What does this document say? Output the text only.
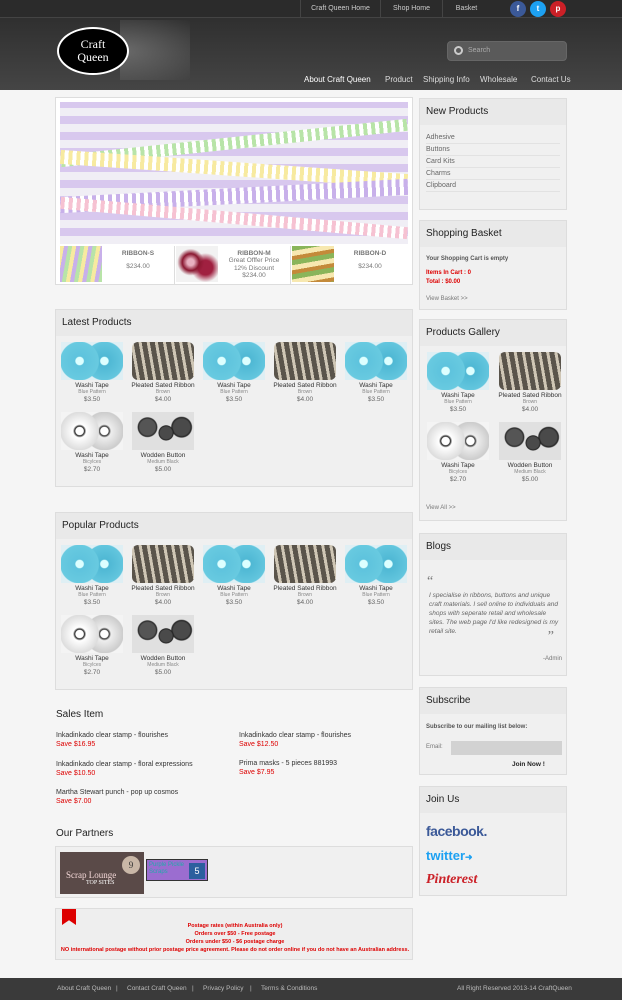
Craft Queen Home	Shop Home	Basket	f	t	p
Craft
Queen	Search
About Craft Queen Product Shipping Info Wholesale Contact Us
RIBBON-S
$234.00
RIBBON-M
Great Offfer Price
12% Discount
$234.00
RIBBON-D
$234.00
Latest Products
Washi Tape
Blue Pattern
$3.50
Pleated Sated Ribbon
Brown
$4.00
Washi Tape
Blue Pattern
$3.50
Pleated Sated Ribbon
Brown
$4.00
Washi Tape
Blue Pattern
$3.50
Washi Tape
Bicylces
$2.70
Wodden Button
Medium Black
$5.00
Popular Products
Washi Tape
Blue Pattern
$3.50
Pleated Sated Ribbon
Brown
$4.00
Washi Tape
Blue Pattern
$3.50
Pleated Sated Ribbon
Brown
$4.00
Washi Tape
Blue Pattern
$3.50
Washi Tape
Bicylces
$2.70
Wodden Button
Medium Black
$5.00
Sales Item
Inkadinkado clear stamp - flourishes
Save $16.95
Inkadinkado clear stamp - flourishes
Save $12.50
Inkadinkado clear stamp - floral expressions
Save $10.50
Prima masks - 5 pieces 881993
Save $7.95
Martha Stewart punch - pop up cosmos
Save $7.00
Our Partners
Scrap Lounge
TOP SITES
9	Purple Pickle Scraps	5
Postage rates (within Australia only)
Orders over $50 - Free postage
Orders under $50 - $6 postage charge
NO international postage without prior postage price agreement. Please do not order online if you do not have an Australian address.
New Products
Adhesive
Buttons
Card Kits
Charms
Clipboard
Shopping Basket
Your Shopping Cart is empty
Items In Cart : 0
Total : $0.00
View Basket >>
Products Gallery
Washi Tape
Blue Pattern
$3.50
Pleated Sated Ribbon
Brown
$4.00
Washi Tape
Bicylces
$2.70
Wodden Button
Medium Black
$5.00
View All >>
Blogs
“
I specialise in ribbons, buttons and unique craft materials. I sell online to individuals and shops with seperate retail and wholesale sites. The web page I'd like redesigned is my retail site.	”
-Admin
Subscribe
Subscribe to our mailing list below:
Email:
Join Now !
Join Us
facebook.
twitter➜
Pinterest
About Craft Queen | Contact Craft Queen | Privacy Policy | Terms & Conditions	All Right Reserved 2013-14 CraftQueen
